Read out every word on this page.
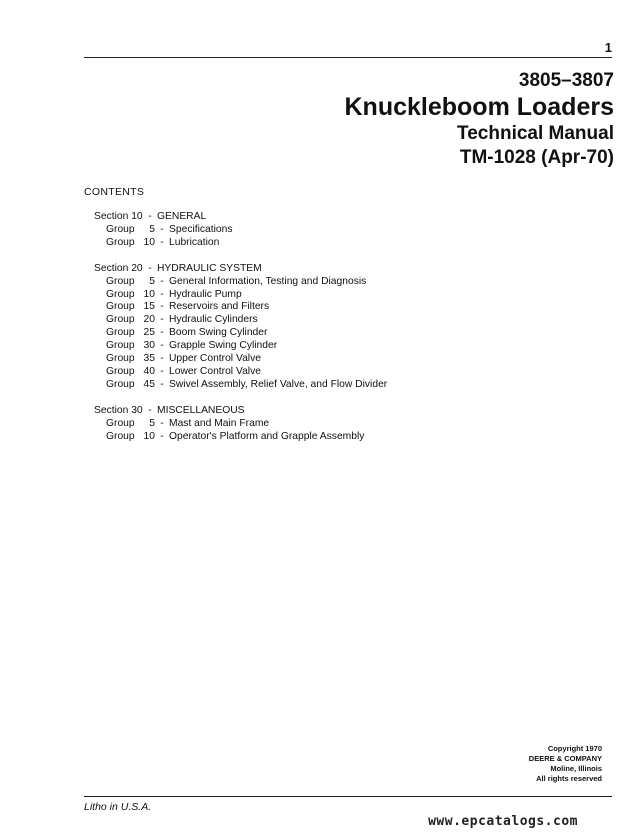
1
3805–3807
Knuckleboom Loaders
Technical Manual
TM-1028 (Apr-70)
CONTENTS
Section 10 - GENERAL
Group	5 - Specifications
Group 10 - Lubrication
Section 20 - HYDRAULIC SYSTEM
Group	5 - General Information, Testing and Diagnosis
Group 10 - Hydraulic Pump
Group 15 - Reservoirs and Filters
Group 20 - Hydraulic Cylinders
Group 25 - Boom Swing Cylinder
Group 30 - Grapple Swing Cylinder
Group 35 - Upper Control Valve
Group 40 - Lower Control Valve
Group 45 - Swivel Assembly, Relief Valve, and Flow Divider
Section 30 - MISCELLANEOUS
Group	5 - Mast and Main Frame
Group 10 - Operator's Platform and Grapple Assembly
Copyright 1970
DEERE & COMPANY
Moline, Illinois
All rights reserved
Litho in U.S.A.
www.epcatalogs.com
